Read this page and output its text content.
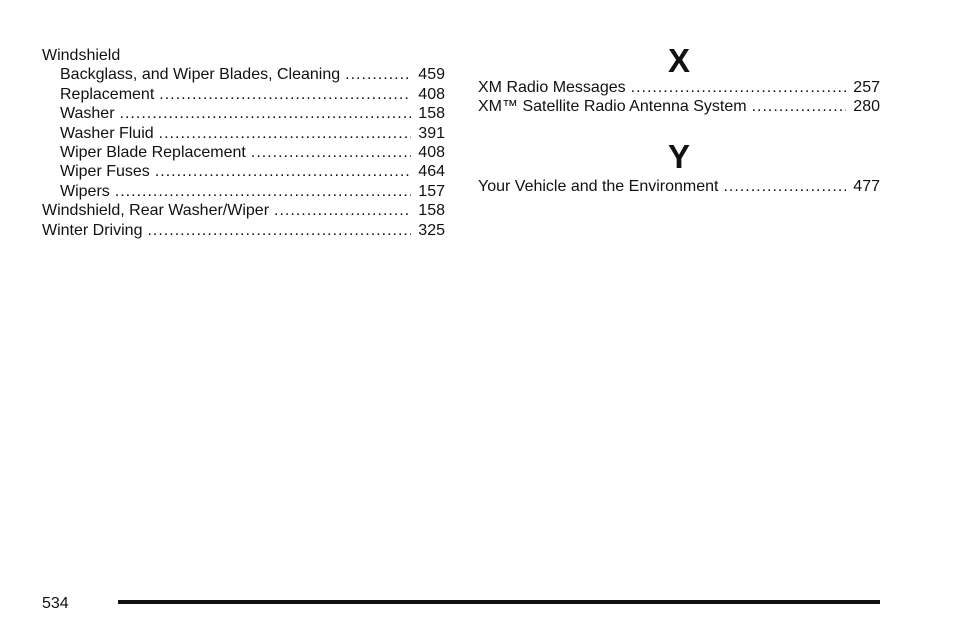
Windshield
Backglass, and Wiper Blades, Cleaning .....	459
Replacement .....	408
Washer .....	158
Washer Fluid .....	391
Wiper Blade Replacement .....	408
Wiper Fuses .....	464
Wipers .....	157
Windshield, Rear Washer/Wiper .....	158
Winter Driving .....	325
X
XM Radio Messages .....	257
XM™ Satellite Radio Antenna System .....	280
Y
Your Vehicle and the Environment .....	477
534
